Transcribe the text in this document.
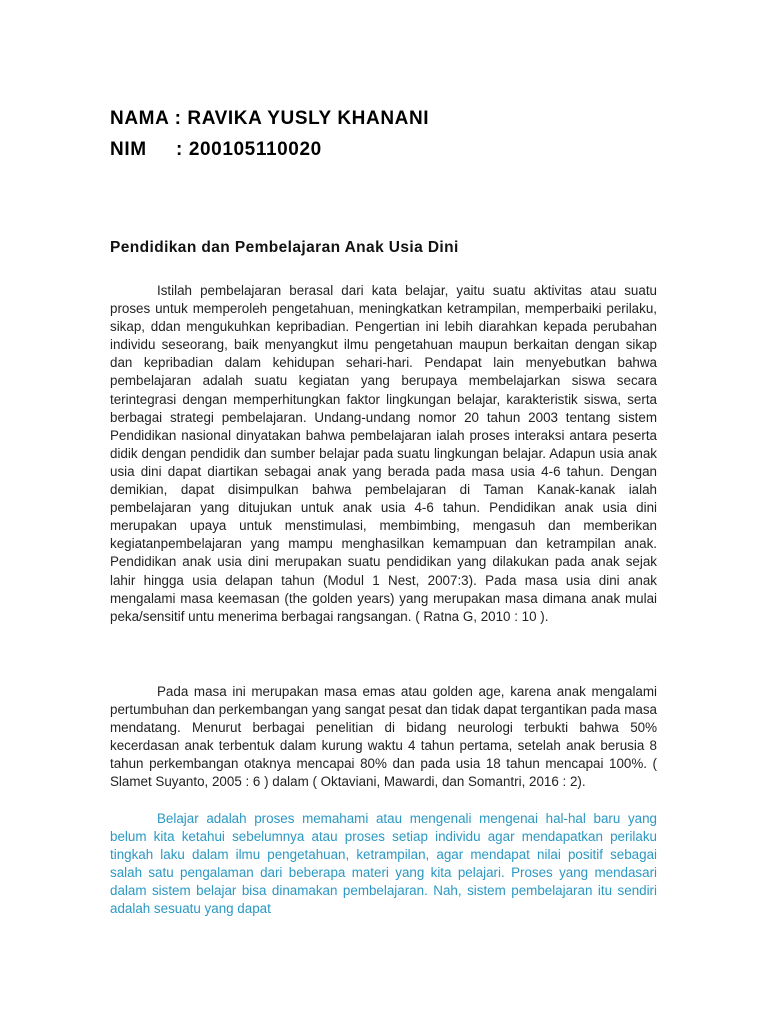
NAMA : RAVIKA YUSLY KHANANI
NIM     : 200105110020
Pendidikan dan Pembelajaran Anak Usia Dini

Istilah pembelajaran berasal dari kata belajar, yaitu suatu aktivitas atau suatu proses untuk memperoleh pengetahuan, meningkatkan ketrampilan, memperbaiki perilaku, sikap, ddan mengukuhkan kepribadian. Pengertian ini lebih diarahkan kepada perubahan individu seseorang, baik menyangkut ilmu pengetahuan maupun berkaitan dengan sikap dan kepribadian dalam kehidupan sehari-hari. Pendapat lain menyebutkan bahwa pembelajaran adalah suatu kegiatan yang berupaya membelajarkan siswa secara terintegrasi dengan memperhitungkan faktor lingkungan belajar, karakteristik siswa, serta berbagai strategi pembelajaran. Undang-undang nomor 20 tahun 2003 tentang sistem Pendidikan nasional dinyatakan bahwa pembelajaran ialah proses interaksi antara peserta didik dengan pendidik dan sumber belajar pada suatu lingkungan belajar. Adapun usia anak usia dini dapat diartikan sebagai anak yang berada pada masa usia 4-6 tahun. Dengan demikian, dapat disimpulkan bahwa pembelajaran di Taman Kanak-kanak ialah pembelajaran yang ditujukan untuk anak usia 4-6 tahun. Pendidikan anak usia dini merupakan upaya untuk menstimulasi, membimbing, mengasuh dan memberikan kegiatanpembelajaran yang mampu menghasilkan kemampuan dan ketrampilan anak. Pendidikan anak usia dini merupakan suatu pendidikan yang dilakukan pada anak sejak lahir hingga usia delapan tahun (Modul 1 Nest, 2007:3). Pada masa usia dini anak mengalami masa keemasan (the golden years) yang merupakan masa dimana anak mulai peka/sensitif untu menerima berbagai rangsangan. ( Ratna G, 2010 : 10 ).

Pada masa ini merupakan masa emas atau golden age, karena anak mengalami pertumbuhan dan perkembangan yang sangat pesat dan tidak dapat tergantikan pada masa mendatang. Menurut berbagai penelitian di bidang neurologi terbukti bahwa 50% kecerdasan anak terbentuk dalam kurung waktu 4 tahun pertama, setelah anak berusia 8 tahun perkembangan otaknya mencapai 80% dan pada usia 18 tahun mencapai 100%. ( Slamet Suyanto, 2005 : 6 ) dalam ( Oktaviani, Mawardi, dan Somantri, 2016 : 2).

Belajar adalah proses memahami atau mengenali mengenai hal-hal baru yang belum kita ketahui sebelumnya atau proses setiap individu agar mendapatkan perilaku tingkah laku dalam ilmu pengetahuan, ketrampilan, agar mendapat nilai positif sebagai salah satu pengalaman dari beberapa materi yang kita pelajari. Proses yang mendasari dalam sistem belajar bisa dinamakan pembelajaran. Nah, sistem pembelajaran itu sendiri adalah sesuatu yang dapat
